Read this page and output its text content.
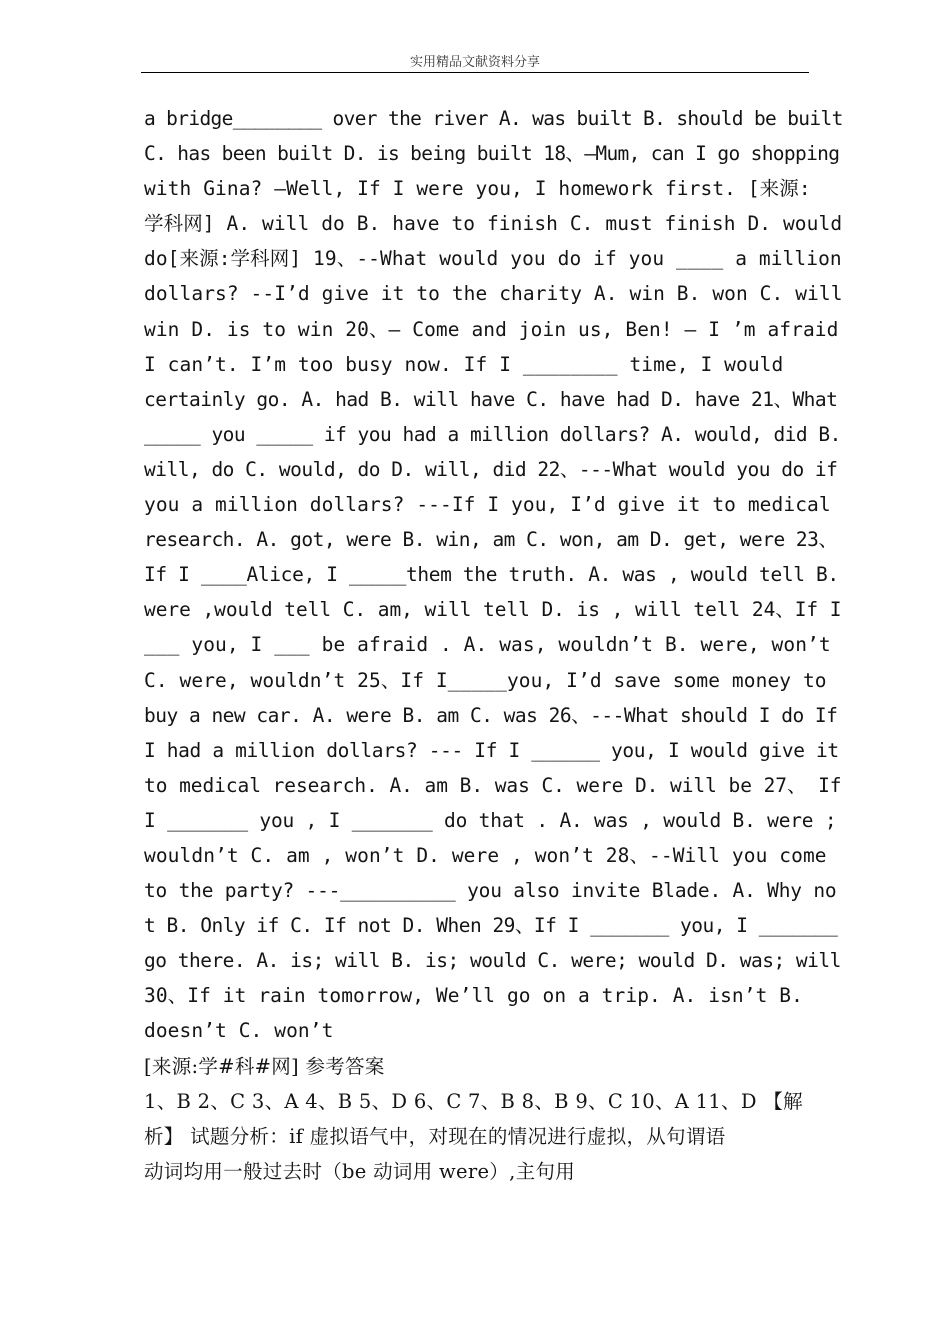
实用精品文献资料分享
a bridge________ over the river A. was built B. should be built
C. has been built D. is being built 18、—Mum, can I go shopping
with Gina? —Well, If I were you, I homework first. [来源:
学科网] A. will do B. have to finish C. must finish D. would
do[来源:学科网] 19、--What would you do if you ____ a million
dollars? --I’d give it to the charity A. win B. won C. will
win D. is to win 20、— Come and join us, Ben! — I ’m afraid
I can’t. I’m too busy now. If I ________ time, I would
certainly go. A. had B. will have C. have had D. have 21、What
_____ you _____ if you had a million dollars? A. would, did B.
will, do C. would, do D. will, did 22、---What would you do if
you a million dollars? ---If I you, I’d give it to medical
research. A. got, were B. win, am C. won, am D. get, were 23、
If I ____Alice, I _____them the truth. A. was , would tell B.
were ,would tell C. am, will tell D. is , will tell 24、If I
___ you, I ___ be afraid . A. was, wouldn’t B. were, won’t
C. were, wouldn’t 25、If I_____you, I’d save some money to
buy a new car. A. were B. am C. was 26、---What should I do If
I had a million dollars? --- If I ______ you, I would give it
to medical research. A. am B. was C. were D. will be 27、 If
I _______ you , I _______ do that . A. was , would B. were ;
wouldn’t C. am , won’t D. were , won’t 28、--Will you come
to the party? ---__________ you also invite Blade. A. Why no
t B. Only if C. If not D. When 29、If I _______ you, I _______
go there. A. is; will B. is; would C. were; would D. was; will
30、If it rain tomorrow, We’ll go on a trip. A. isn’t B.
doesn’t C. won’t
[来源:学#科#网] 参考答案
1、B 2、C 3、A 4、B 5、D 6、C 7、B 8、B 9、C 10、A 11、D 【解
析】 试题分析：if 虚拟语气中，对现在的情况进行虚拟，从句谓语
动词均用一般过去时（be 动词用 were）,主句用
